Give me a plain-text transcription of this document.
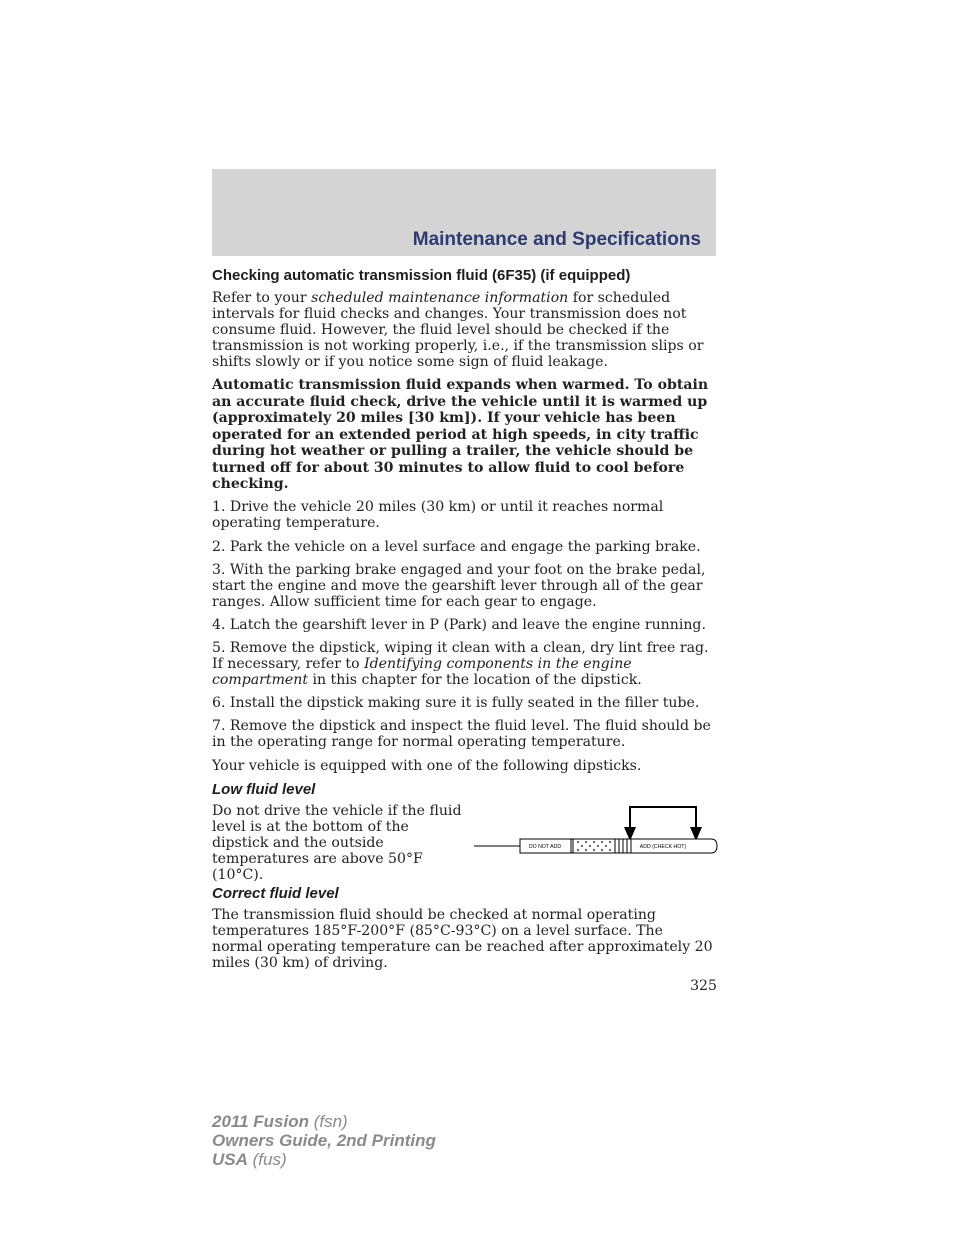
Maintenance and Specifications
Checking automatic transmission fluid (6F35) (if equipped)

Refer to your scheduled maintenance information for scheduled intervals for fluid checks and changes. Your transmission does not consume fluid. However, the fluid level should be checked if the transmission is not working properly, i.e., if the transmission slips or shifts slowly or if you notice some sign of fluid leakage.

Automatic transmission fluid expands when warmed. To obtain an accurate fluid check, drive the vehicle until it is warmed up (approximately 20 miles [30 km]). If your vehicle has been operated for an extended period at high speeds, in city traffic during hot weather or pulling a trailer, the vehicle should be turned off for about 30 minutes to allow fluid to cool before checking.

1. Drive the vehicle 20 miles (30 km) or until it reaches normal operating temperature.

2. Park the vehicle on a level surface and engage the parking brake.

3. With the parking brake engaged and your foot on the brake pedal, start the engine and move the gearshift lever through all of the gear ranges. Allow sufficient time for each gear to engage.

4. Latch the gearshift lever in P (Park) and leave the engine running.

5. Remove the dipstick, wiping it clean with a clean, dry lint free rag. If necessary, refer to Identifying components in the engine compartment in this chapter for the location of the dipstick.

6. Install the dipstick making sure it is fully seated in the filler tube.

7. Remove the dipstick and inspect the fluid level. The fluid should be in the operating range for normal operating temperature.

Your vehicle is equipped with one of the following dipsticks.

Low fluid level
Do not drive the vehicle if the fluid level is at the bottom of the dipstick and the outside temperatures are above 50°F (10°C).
DO NOT ADD	ADD (CHECK HOT)
Correct fluid level

The transmission fluid should be checked at normal operating temperatures 185°F-200°F (85°C-93°C) on a level surface. The normal operating temperature can be reached after approximately 20 miles (30 km) of driving.

325
2011 Fusion (fsn)
Owners Guide, 2nd Printing
USA (fus)
